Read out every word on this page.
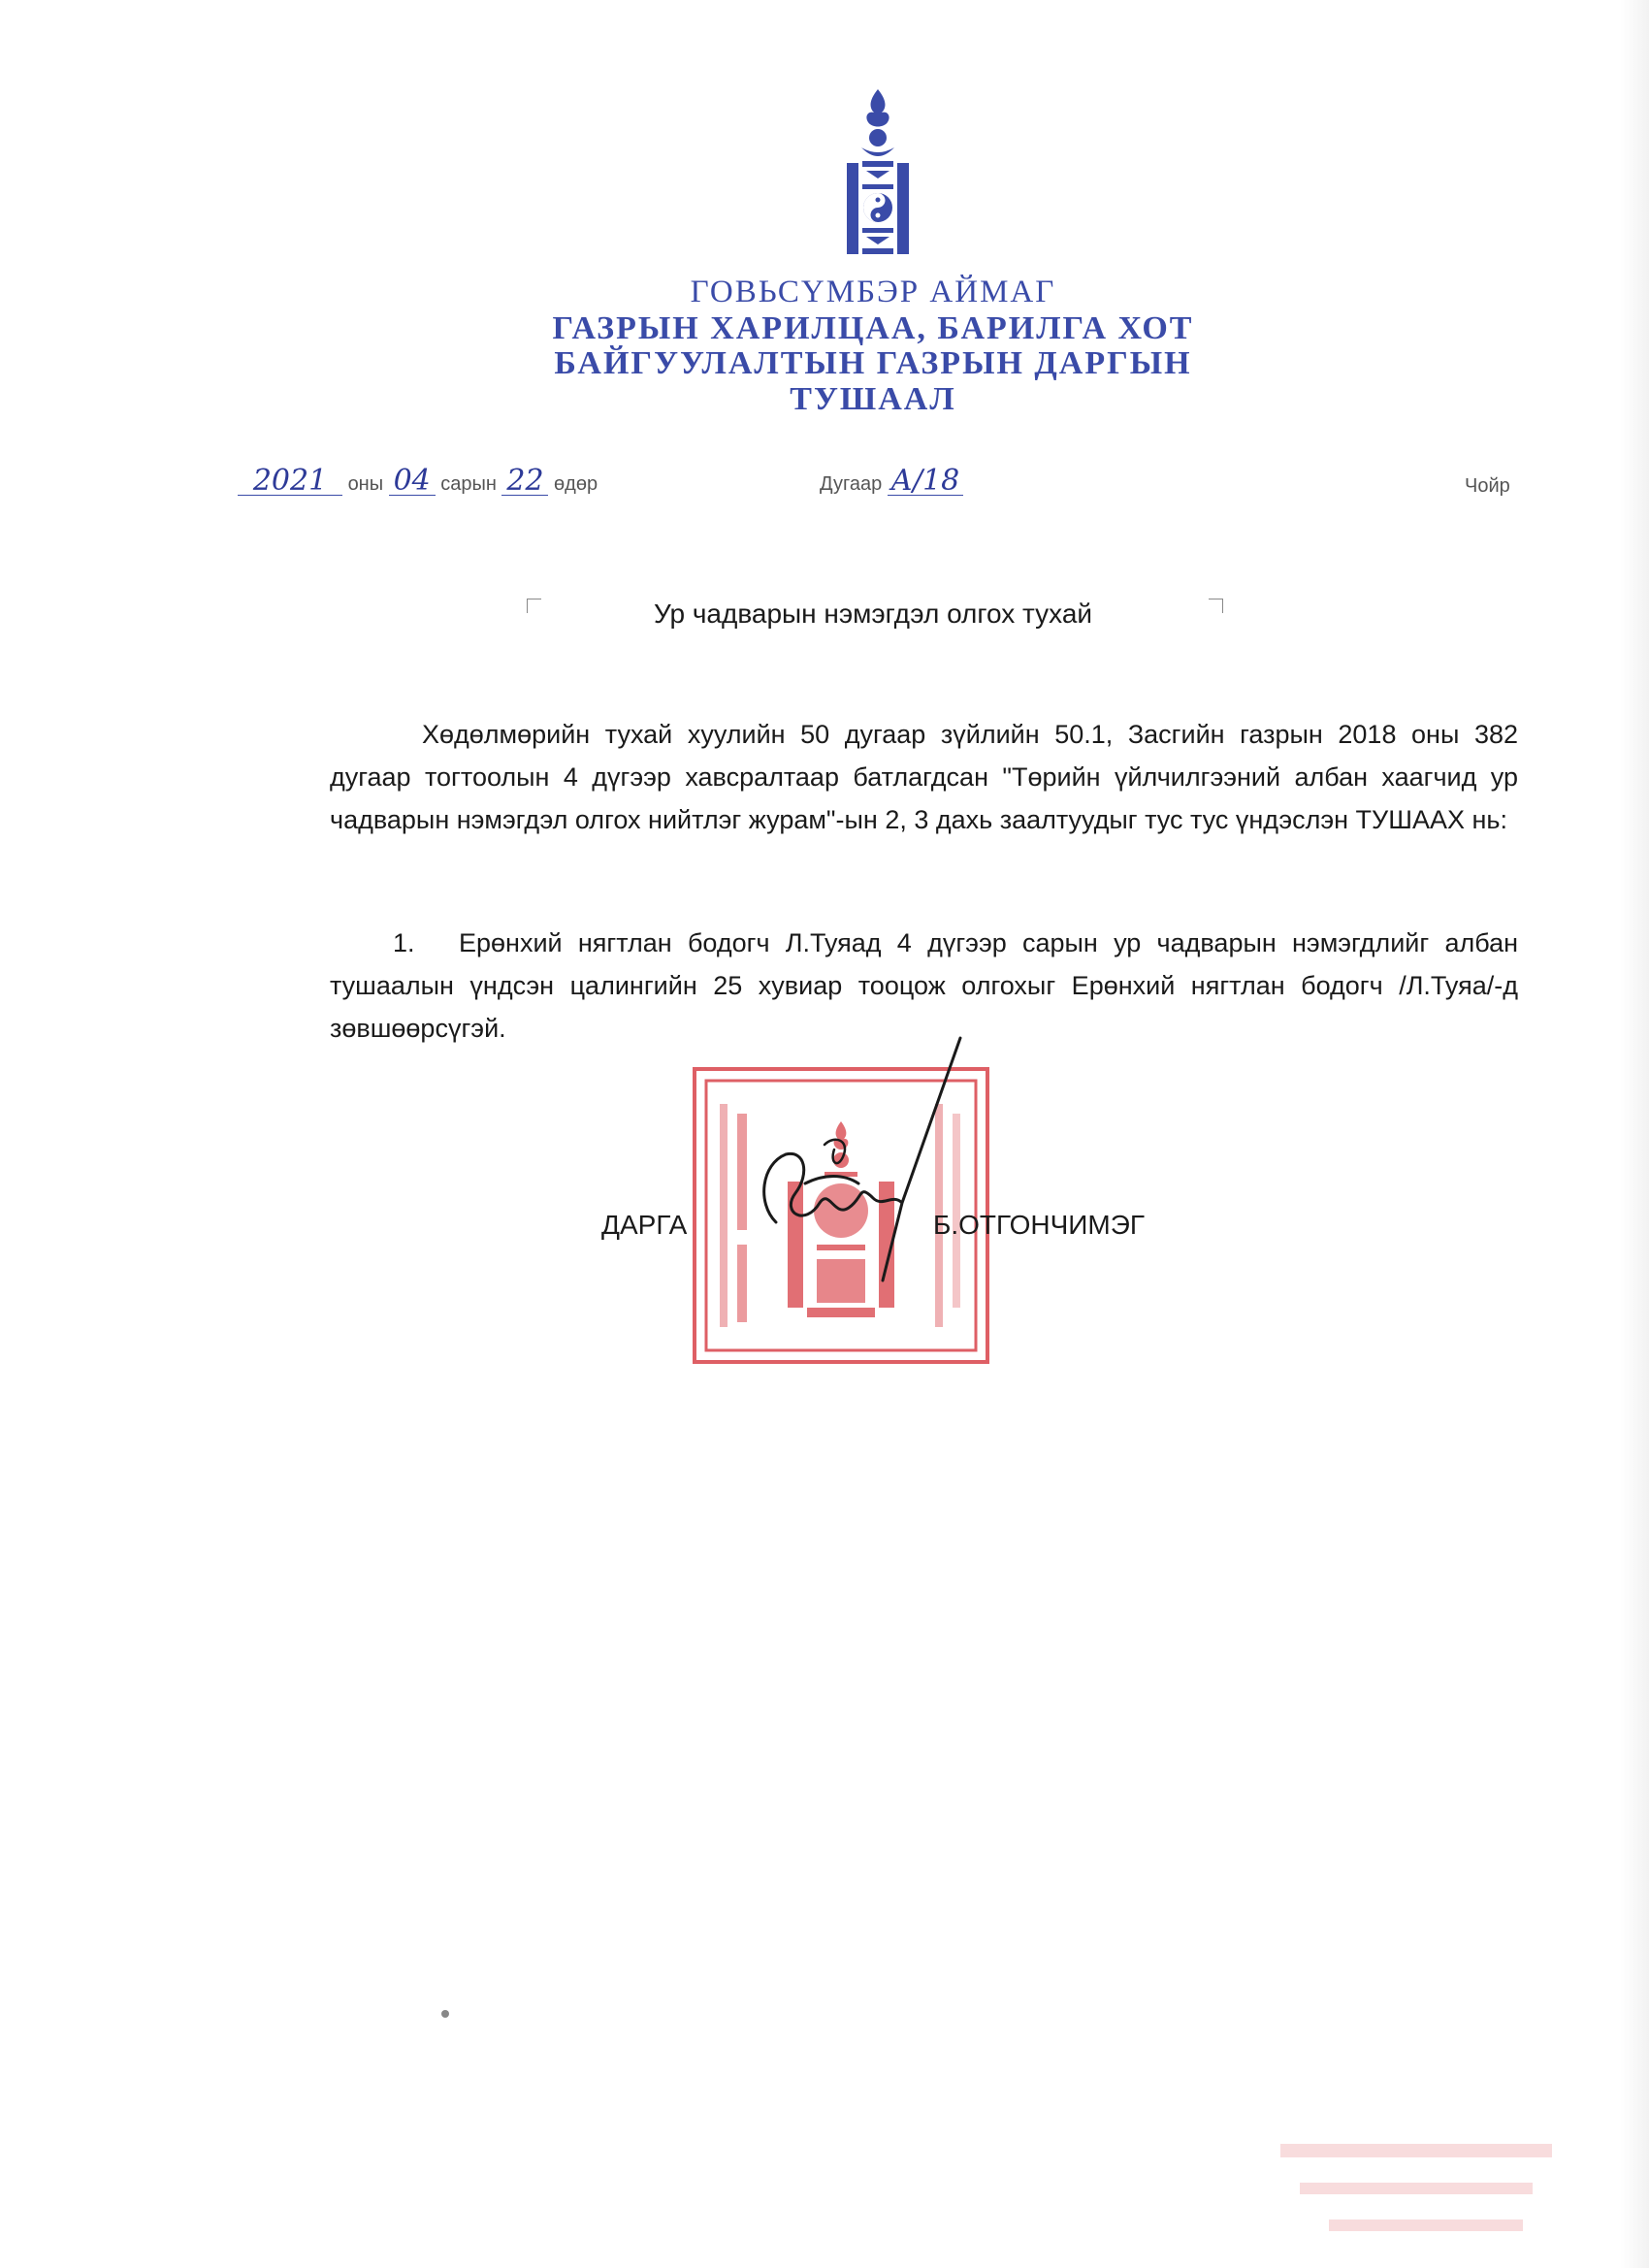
ГОВЬСҮМБЭР АЙМАГ
ГАЗРЫН ХАРИЛЦАА, БАРИЛГА ХОТ
БАЙГУУЛАЛТЫН ГАЗРЫН ДАРГЫН
ТУШААЛ
2021 оны 04 сарын 22 өдөр	Дугаар А/18	Чойр
Ур чадварын нэмэгдэл олгох тухай
Хөдөлмөрийн тухай хуулийн 50 дугаар зүйлийн 50.1, Засгийн газрын 2018 оны 382 дугаар тогтоолын 4 дүгээр хавсралтаар батлагдсан "Төрийн үйлчилгээний албан хаагчид ур чадварын нэмэгдэл олгох нийтлэг журам"-ын 2, 3 дахь заалтуудыг тус тус үндэслэн ТУШААХ нь:
1. Ерөнхий нягтлан бодогч Л.Туяад 4 дүгээр сарын ур чадварын нэмэгдлийг албан тушаалын үндсэн цалингийн 25 хувиар тооцож олгохыг Ерөнхий нягтлан бодогч /Л.Туяа/-д зөвшөөрсүгэй.
ДАРГА	Б.ОТГОНЧИМЭГ
